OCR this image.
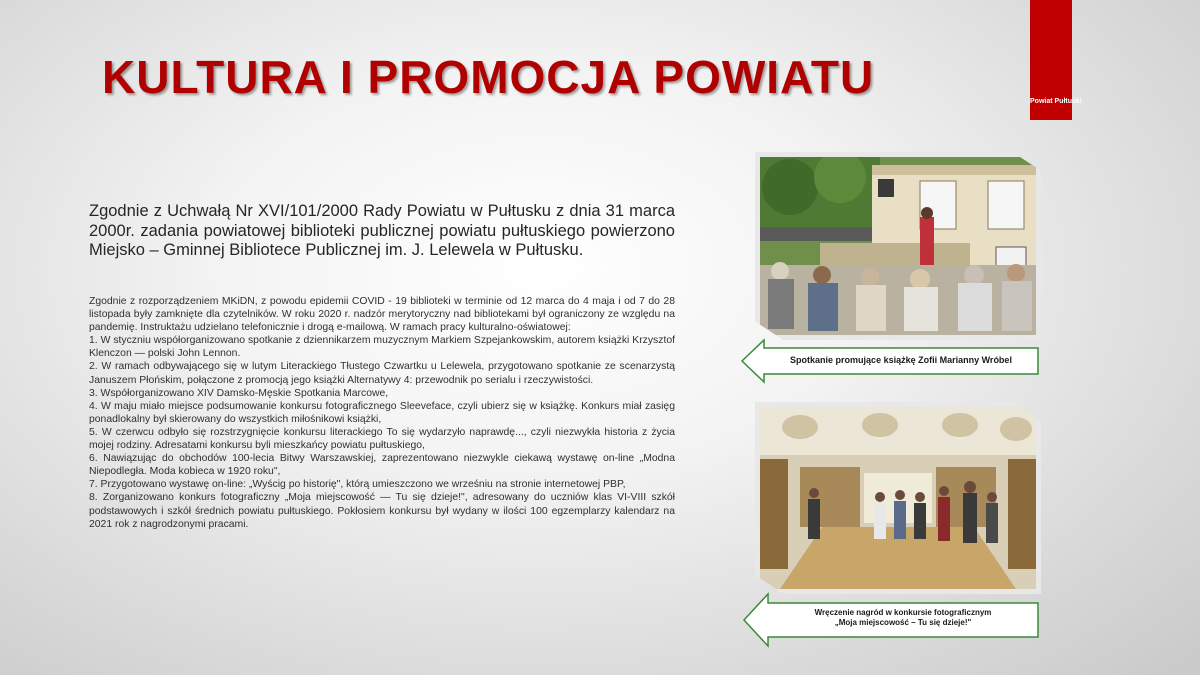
Powiat Pułtuski
KULTURA I PROMOCJA POWIATU

Zgodnie z Uchwałą Nr XVI/101/2000 Rady Powiatu w Pułtusku z dnia 31 marca 2000r. zadania powiatowej biblioteki publicznej powiatu pułtuskiego powierzono Miejsko – Gminnej Bibliotece Publicznej im. J. Lelewela w Pułtusku.

Zgodnie z rozporządzeniem MKiDN, z powodu epidemii COVID - 19 biblioteki w terminie od 12 marca do 4 maja i od 7 do 28 listopada były zamknięte dla czytelników. W roku 2020 r. nadzór merytoryczny nad bibliotekami był ograniczony ze względu na pandemię. Instruktażu udzielano telefonicznie i drogą e-mailową. W ramach pracy kulturalno-oświatowej:

1. W styczniu współorganizowano spotkanie z dziennikarzem muzycznym Markiem Szpejankowskim, autorem książki Krzysztof Klenczon — polski John Lennon.

2. W ramach odbywającego się w lutym Literackiego Tłustego Czwartku u Lelewela, przygotowano spotkanie ze scenarzystą Januszem Płońskim, połączone z promocją jego książki Alternatywy 4: przewodnik po serialu i rzeczywistości.

3. Współorganizowano XIV Damsko-Męskie Spotkania Marcowe,

4. W maju miało miejsce podsumowanie konkursu fotograficznego Sleeveface, czyli ubierz się w książkę. Konkurs miał zasięg ponadlokalny był skierowany do wszystkich miłośnikowi książki,

5. W czerwcu odbyło się rozstrzygnięcie konkursu literackiego To się wydarzyło naprawdę..., czyli niezwykła historia z życia mojej rodziny. Adresatami konkursu byli mieszkańcy powiatu pułtuskiego,

6. Nawiązując do obchodów 100-lecia Bitwy Warszawskiej, zaprezentowano niezwykle ciekawą wystawę on-line „Modna Niepodległa. Moda kobieca w 1920 roku",

7. Przygotowano wystawę on-line: „Wyścig po historię", którą umieszczono we wrześniu na stronie internetowej PBP,

8. Zorganizowano konkurs fotograficzny „Moja miejscowość — Tu się dzieje!", adresowany do uczniów klas VI-VIII szkół podstawowych i szkół średnich powiatu pułtuskiego. Pokłosiem konkursu był wydany w ilości 100 egzemplarzy kalendarz na 2021 rok z nagrodzonymi pracami.

Spotkanie promujące książkę Zofii Marianny Wróbel
Wręczenie nagród w konkursie fotograficznym
„Moja miejscowość – Tu się dzieje!"
